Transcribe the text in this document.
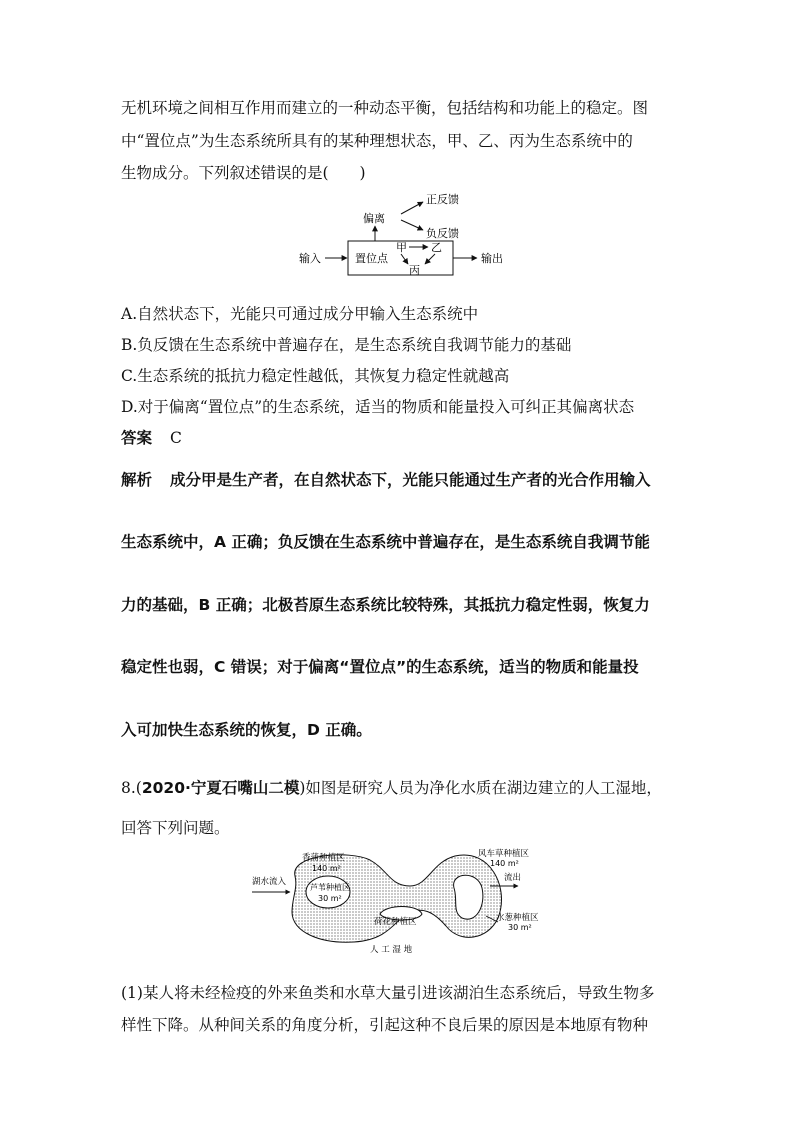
无机环境之间相互作用而建立的一种动态平衡，包括结构和功能上的稳定。图
中“置位点”为生态系统所具有的某种理想状态，甲、乙、丙为生态系统中的
生物成分。下列叙述错误的是(　　)
输入	置位点
甲 乙
丙
输出
偏离
正反馈
负反馈
A.自然状态下，光能只可通过成分甲输入生态系统中
B.负反馈在生态系统中普遍存在，是生态系统自我调节能力的基础
C.生态系统的抵抗力稳定性越低，其恢复力稳定性就越高
D.对于偏离“置位点”的生态系统，适当的物质和能量投入可纠正其偏离状态
答案 C
解析 成分甲是生产者，在自然状态下，光能只能通过生产者的光合作用输入
生态系统中，A 正确；负反馈在生态系统中普遍存在，是生态系统自我调节能
力的基础，B 正确；北极苔原生态系统比较特殊，其抵抗力稳定性弱，恢复力
稳定性也弱，C 错误；对于偏离“置位点”的生态系统，适当的物质和能量投
入可加快生态系统的恢复，D 正确。
8.(2020·宁夏石嘴山二模)如图是研究人员为净化水质在湖边建立的人工湿地，
回答下列问题。
湖水流入	流出
香蒲种植区
140 m²
芦苇种植区
30 m²
荷花种植区
风车草种植区
140 m²
水葱种植区
30 m²
人 工 湿 地
(1)某人将未经检疫的外来鱼类和水草大量引进该湖泊生态系统后，导致生物多
样性下降。从种间关系的角度分析，引起这种不良后果的原因是本地原有物种
